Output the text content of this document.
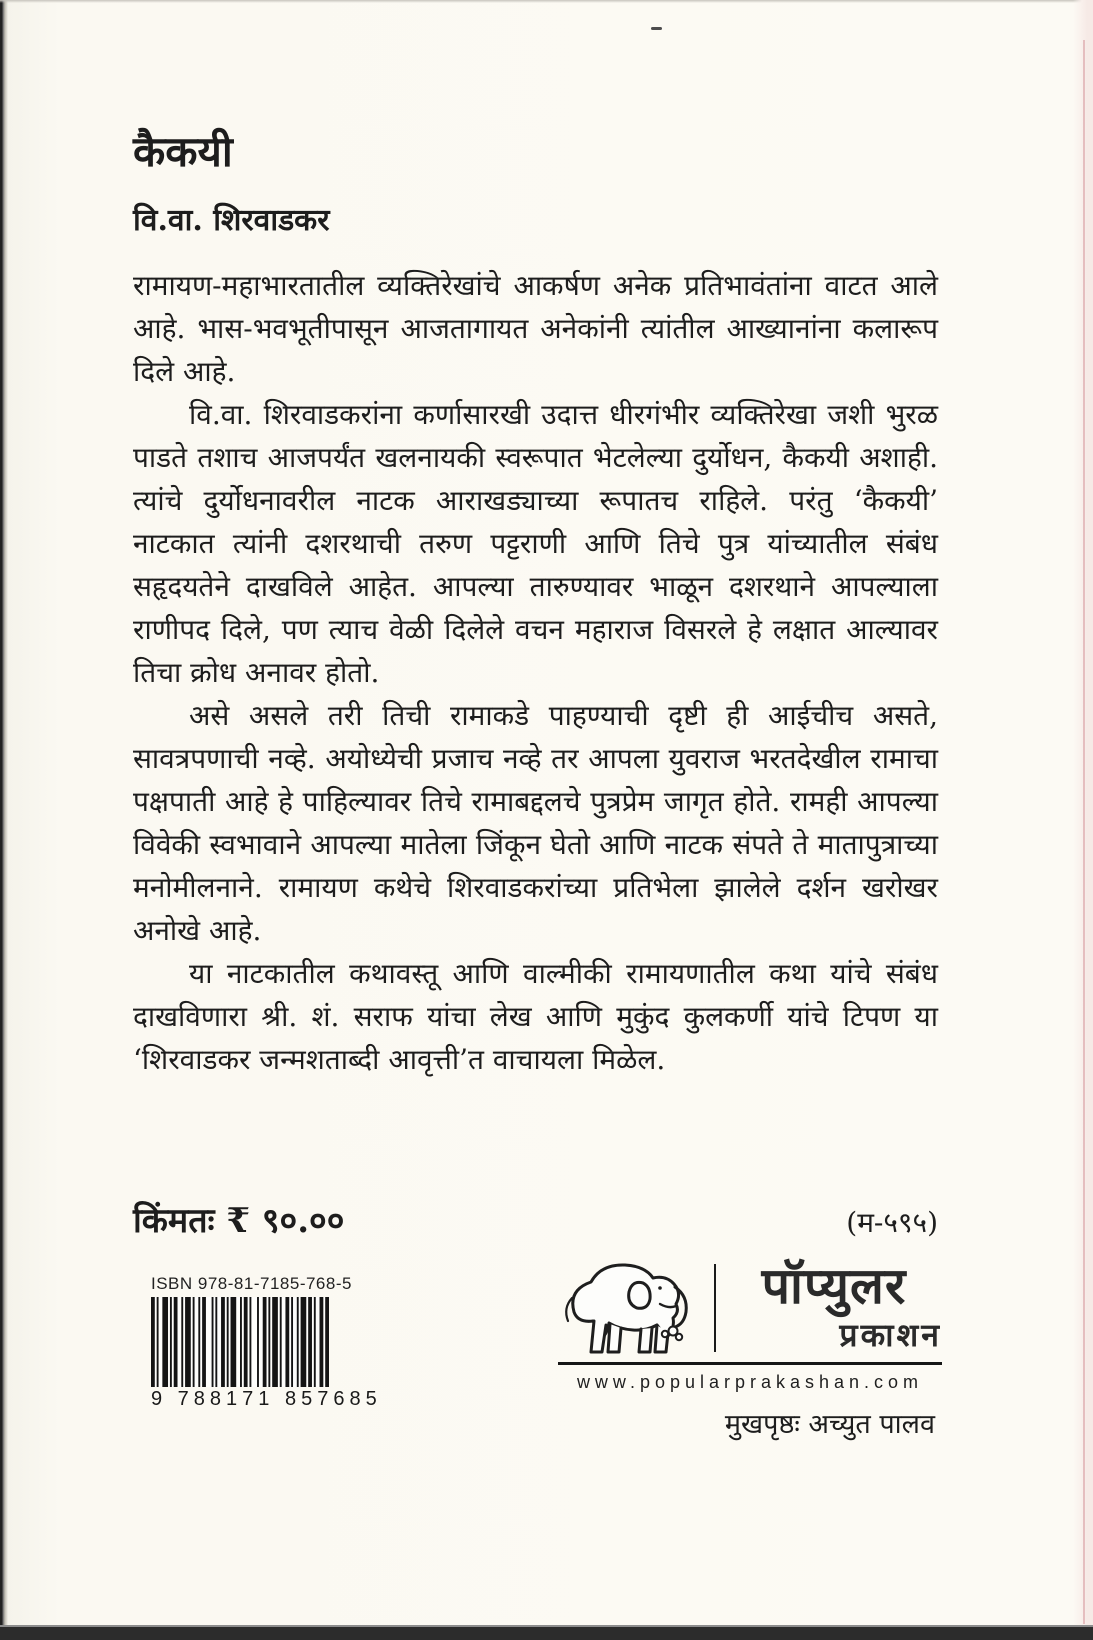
कैकयी
वि.वा. शिरवाडकर

रामायण-महाभारतातील व्यक्तिरेखांचे आकर्षण अनेक प्रतिभावंतांना वाटत आले आहे. भास-भवभूतीपासून आजतागायत अनेकांनी त्यांतील आख्यानांना कलारूप दिले आहे.

वि.वा. शिरवाडकरांना कर्णासारखी उदात्त धीरगंभीर व्यक्तिरेखा जशी भुरळ पाडते तशाच आजपर्यंत खलनायकी स्वरूपात भेटलेल्या दुर्योधन, कैकयी अशाही. त्यांचे दुर्योधनावरील नाटक आराखड्याच्या रूपातच राहिले. परंतु ‘कैकयी’ नाटकात त्यांनी दशरथाची तरुण पट्टराणी आणि तिचे पुत्र यांच्यातील संबंध सहृदयतेने दाखविले आहेत. आपल्या तारुण्यावर भाळून दशरथाने आपल्याला राणीपद दिले, पण त्याच वेळी दिलेले वचन महाराज विसरले हे लक्षात आल्यावर तिचा क्रोध अनावर होतो.

असे असले तरी तिची रामाकडे पाहण्याची दृष्टी ही आईचीच असते, सावत्रपणाची नव्हे. अयोध्येची प्रजाच नव्हे तर आपला युवराज भरतदेखील रामाचा पक्षपाती आहे हे पाहिल्यावर तिचे रामाबद्दलचे पुत्रप्रेम जागृत होते. रामही आपल्या विवेकी स्वभावाने आपल्या मातेला जिंकून घेतो आणि नाटक संपते ते मातापुत्राच्या मनोमीलनाने. रामायण कथेचे शिरवाडकरांच्या प्रतिभेला झालेले दर्शन खरोखर अनोखे आहे.

या नाटकातील कथावस्तू आणि वाल्मीकी रामायणातील कथा यांचे संबंध दाखविणारा श्री. शं. सराफ यांचा लेख आणि मुकुंद कुलकर्णी यांचे टिपण या ‘शिरवाडकर जन्मशताब्दी आवृत्ती’त वाचायला मिळेल.

किंमतः ₹ ९०.००	(म-५९५)
ISBN 978-81-7185-768-5
9 788171 857685
पॉप्युलर
प्रकाशन
www.popularprakashan.com
मुखपृष्ठः अच्युत पालव
